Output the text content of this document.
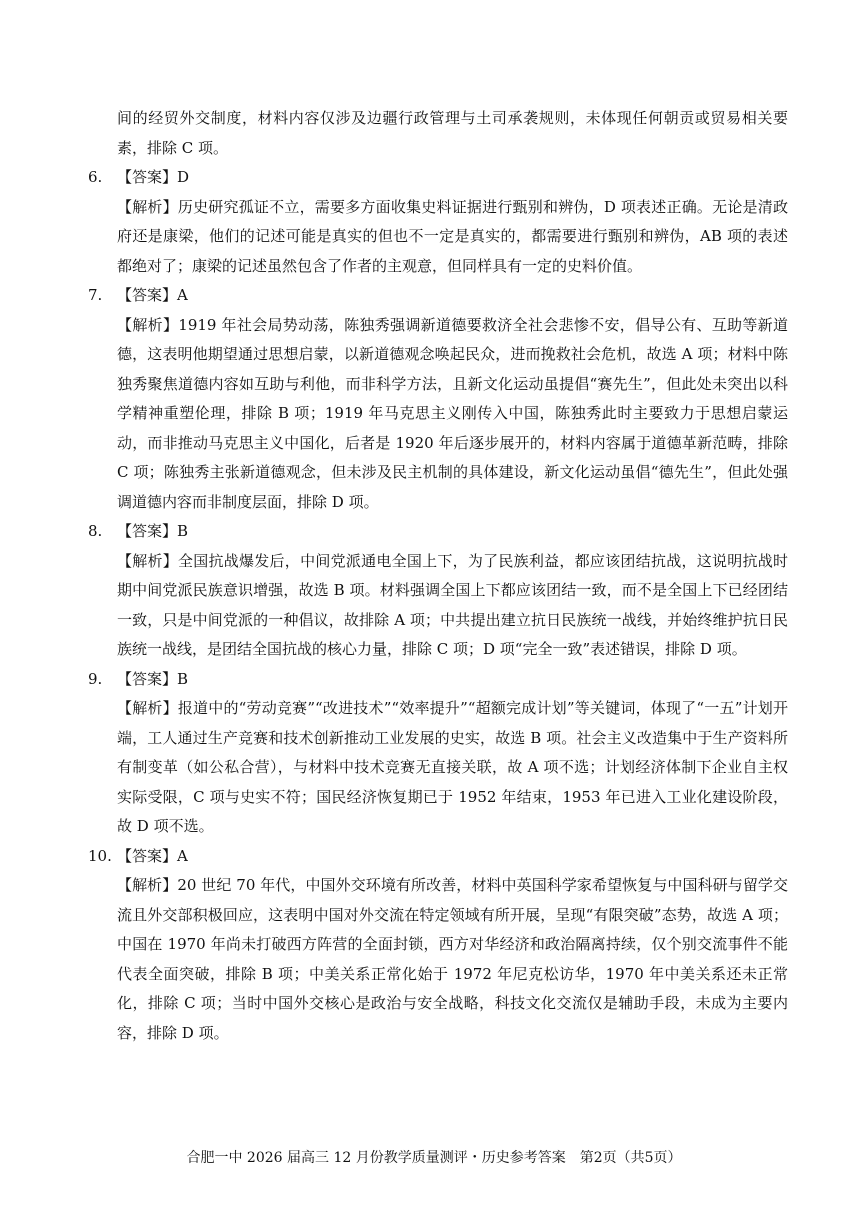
间的经贸外交制度，材料内容仅涉及边疆行政管理与土司承袭规则，未体现任何朝贡或贸易相关要素，排除 C 项。

6. 【答案】D

【解析】历史研究孤证不立，需要多方面收集史料证据进行甄别和辨伪，D 项表述正确。无论是清政府还是康梁，他们的记述可能是真实的但也不一定是真实的，都需要进行甄别和辨伪，AB 项的表述都绝对了；康梁的记述虽然包含了作者的主观意，但同样具有一定的史料价值。

7. 【答案】A

【解析】1919 年社会局势动荡，陈独秀强调新道德要救济全社会悲惨不安，倡导公有、互助等新道德，这表明他期望通过思想启蒙，以新道德观念唤起民众，进而挽救社会危机，故选 A 项；材料中陈独秀聚焦道德内容如互助与利他，而非科学方法，且新文化运动虽提倡“赛先生”，但此处未突出以科学精神重塑伦理，排除 B 项；1919 年马克思主义刚传入中国，陈独秀此时主要致力于思想启蒙运动，而非推动马克思主义中国化，后者是 1920 年后逐步展开的，材料内容属于道德革新范畴，排除 C 项；陈独秀主张新道德观念，但未涉及民主机制的具体建设，新文化运动虽倡“德先生”，但此处强调道德内容而非制度层面，排除 D 项。

8. 【答案】B

【解析】全国抗战爆发后，中间党派通电全国上下，为了民族利益，都应该团结抗战，这说明抗战时期中间党派民族意识增强，故选 B 项。材料强调全国上下都应该团结一致，而不是全国上下已经团结一致，只是中间党派的一种倡议，故排除 A 项；中共提出建立抗日民族统一战线，并始终维护抗日民族统一战线，是团结全国抗战的核心力量，排除 C 项；D 项“完全一致”表述错误，排除 D 项。

9. 【答案】B

【解析】报道中的“劳动竞赛”“改进技术”“效率提升”“超额完成计划”等关键词，体现了“一五”计划开端，工人通过生产竞赛和技术创新推动工业发展的史实，故选 B 项。社会主义改造集中于生产资料所有制变革（如公私合营），与材料中技术竞赛无直接关联，故 A 项不选；计划经济体制下企业自主权实际受限，C 项与史实不符；国民经济恢复期已于 1952 年结束，1953 年已进入工业化建设阶段，故 D 项不选。

10. 【答案】A

【解析】20 世纪 70 年代，中国外交环境有所改善，材料中英国科学家希望恢复与中国科研与留学交流且外交部积极回应，这表明中国对外交流在特定领域有所开展，呈现“有限突破”态势，故选 A 项；中国在 1970 年尚未打破西方阵营的全面封锁，西方对华经济和政治隔离持续，仅个别交流事件不能代表全面突破，排除 B 项；中美关系正常化始于 1972 年尼克松访华，1970 年中美关系还未正常化，排除 C 项；当时中国外交核心是政治与安全战略，科技文化交流仅是辅助手段，未成为主要内容，排除 D 项。

合肥一中 2026 届高三 12 月份教学质量测评・历史参考答案　第2页（共5页）
